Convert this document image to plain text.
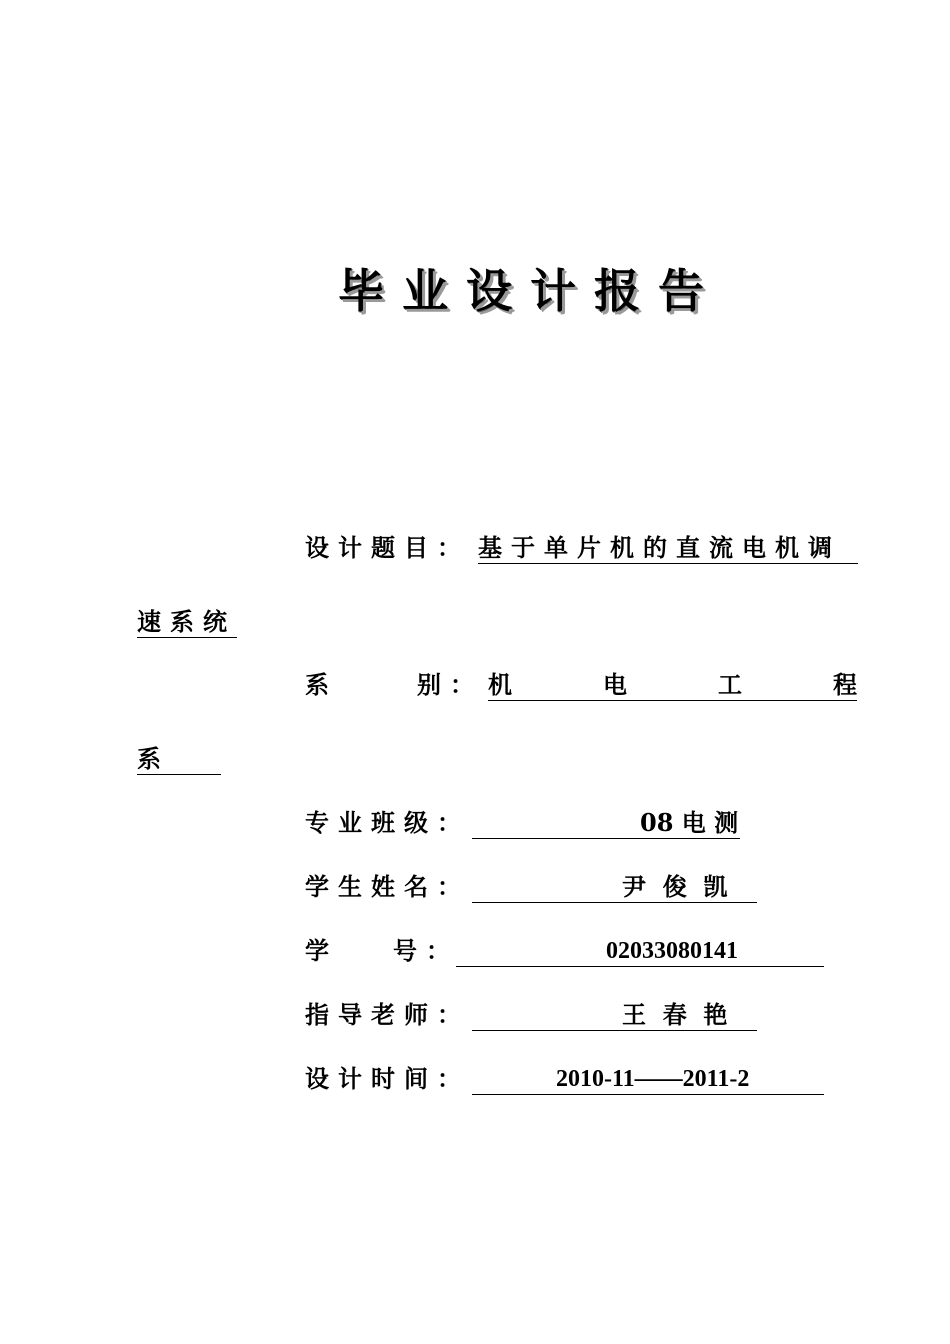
毕业设计报告
设计题目： 基于单片机的直流电机调
速系统
系	别： 机	电	工	程
系
专业班级：	08 电 测
学生姓名：	尹  俊  凯
学	号：	02033080141
指导老师：	王  春  艳
设计时间：	2010-11——2011-2
